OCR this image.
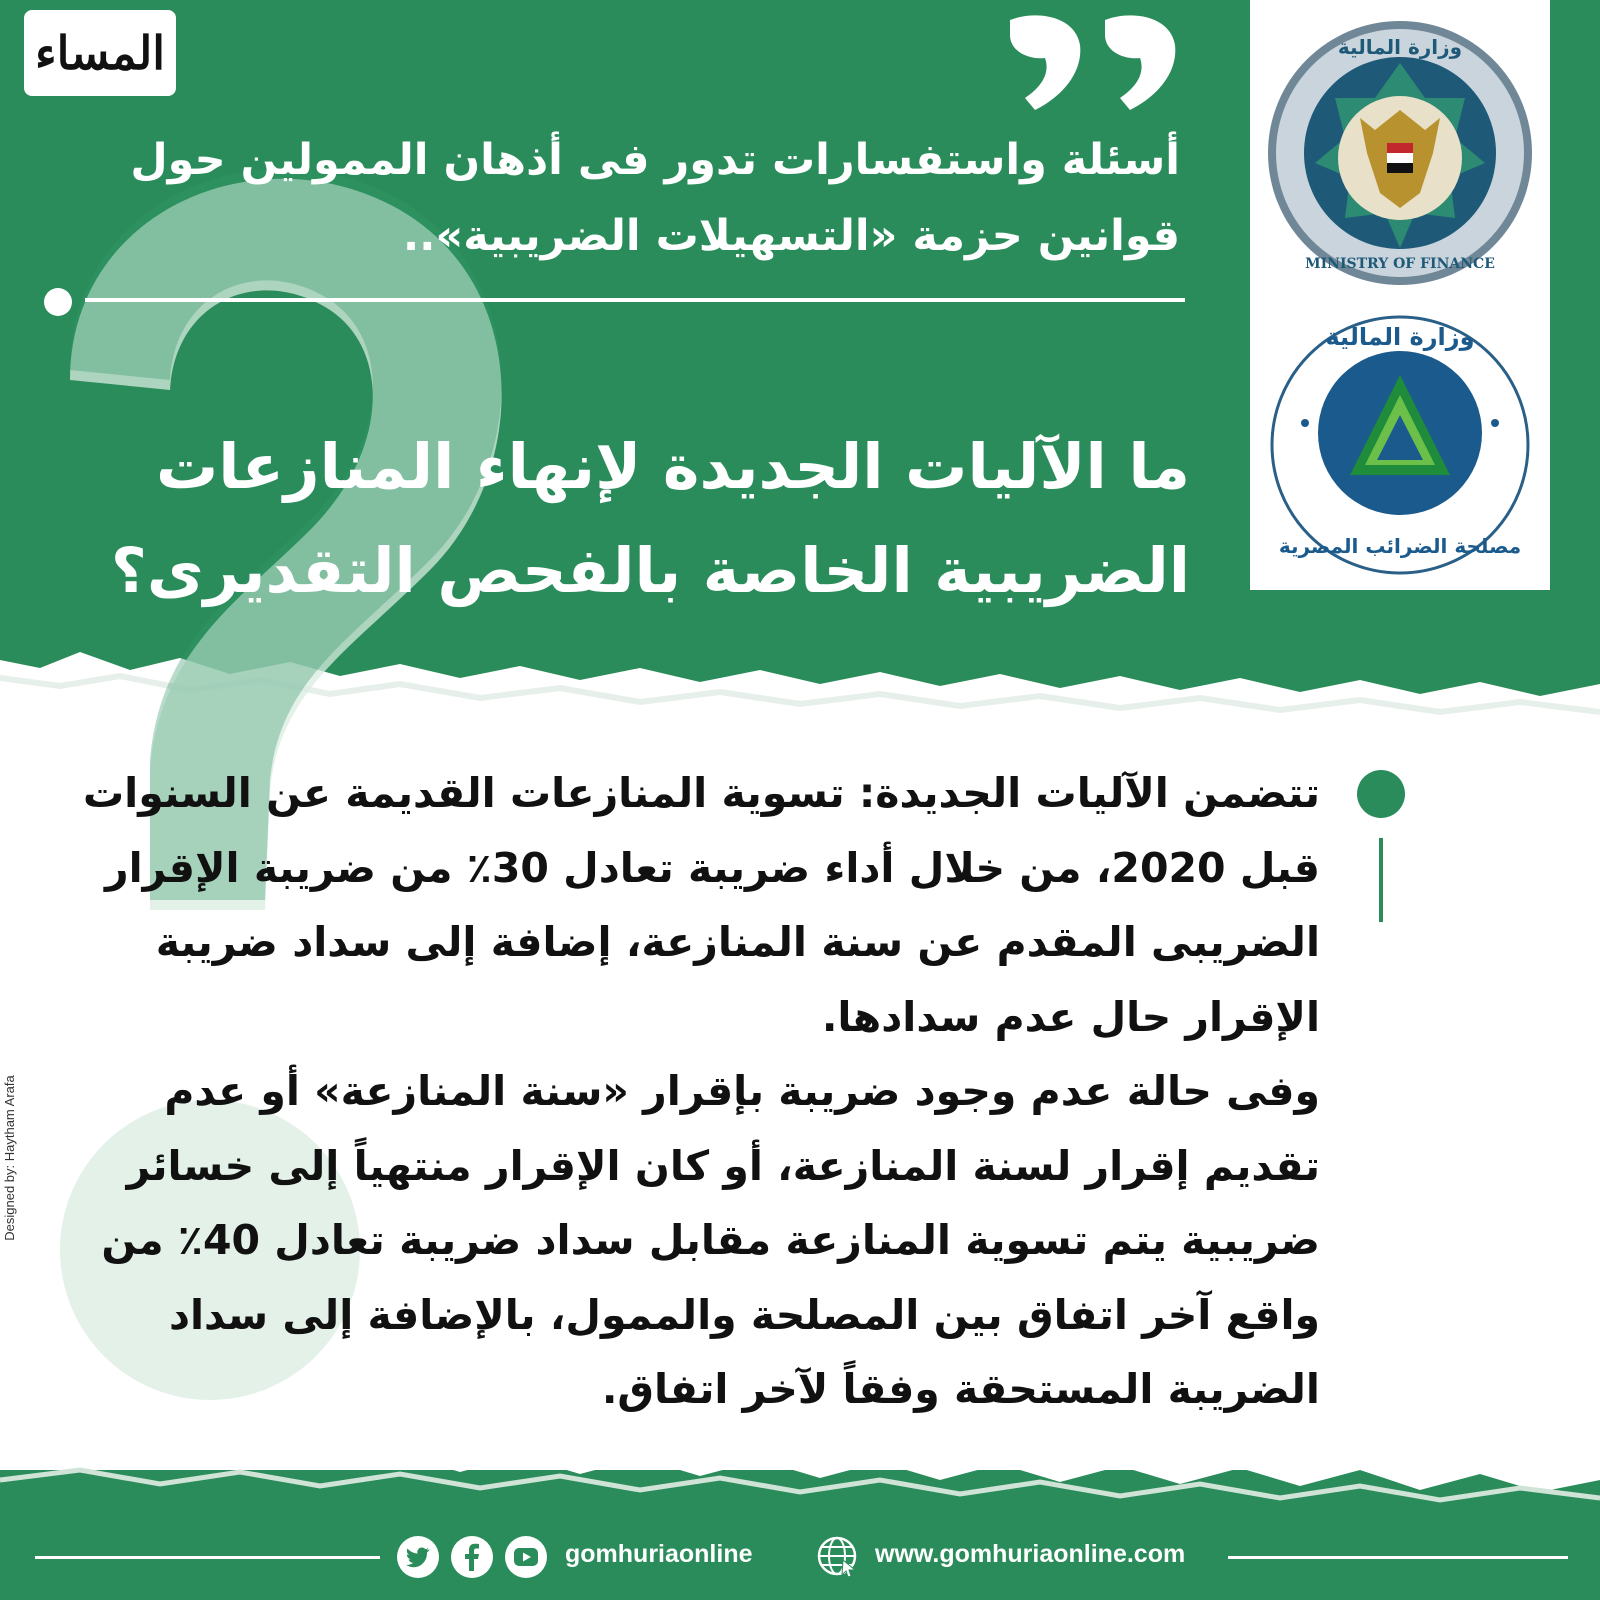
المساء	وزارة المالية
MINISTRY OF FINANCE
وزارة المالية
مصلحة الضرائب المصرية
أسئلة واستفسارات تدور فى أذهان الممولين حول
قوانين حزمة «التسهيلات الضريبية»..
ما الآليات الجديدة لإنهاء المنازعات
الضريبية الخاصة بالفحص التقديرى؟

تتضمن الآليات الجديدة: تسوية المنازعات القديمة عن السنوات قبل 2020، من خلال أداء ضريبة تعادل 30٪ من ضريبة الإقرار الضريبى المقدم عن سنة المنازعة، إضافة إلى سداد ضريبة الإقرار حال عدم سدادها.

وفى حالة عدم وجود ضريبة بإقرار «سنة المنازعة» أو عدم تقديم إقرار لسنة المنازعة، أو كان الإقرار منتهياً إلى خسائر ضريبية يتم تسوية المنازعة مقابل سداد ضريبة تعادل 40٪ من واقع آخر اتفاق بين المصلحة والممول، بالإضافة إلى سداد الضريبة المستحقة وفقاً لآخر اتفاق.

Designed by: Haytham Arafa
gomhuriaonline	www.gomhuriaonline.com
